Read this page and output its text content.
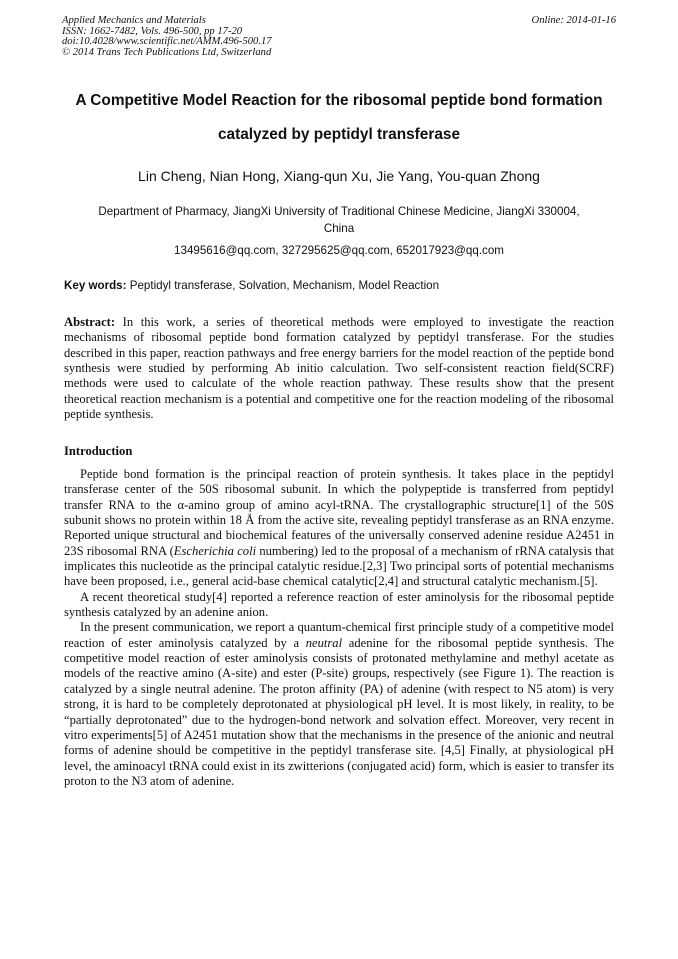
Applied Mechanics and Materials
ISSN: 1662-7482, Vols. 496-500, pp 17-20
doi:10.4028/www.scientific.net/AMM.496-500.17
© 2014 Trans Tech Publications Ltd, Switzerland
Online: 2014-01-16
A Competitive Model Reaction for the ribosomal peptide bond formation
catalyzed by peptidyl transferase
Lin Cheng, Nian Hong, Xiang-qun Xu, Jie Yang, You-quan Zhong
Department of Pharmacy, JiangXi University of Traditional Chinese Medicine, JiangXi 330004,
China
13495616@qq.com, 327295625@qq.com, 652017923@qq.com
Key words: Peptidyl transferase, Solvation, Mechanism, Model Reaction
Abstract: In this work, a series of theoretical methods were employed to investigate the reaction mechanisms of ribosomal peptide bond formation catalyzed by peptidyl transferase. For the studies described in this paper, reaction pathways and free energy barriers for the model reaction of the peptide bond synthesis were studied by performing Ab initio calculation. Two self-consistent reaction field(SCRF) methods were used to calculate of the whole reaction pathway. These results show that the present theoretical reaction mechanism is a potential and competitive one for the reaction modeling of the ribosomal peptide synthesis.
Introduction

Peptide bond formation is the principal reaction of protein synthesis. It takes place in the peptidyl transferase center of the 50S ribosomal subunit. In which the polypeptide is transferred from peptidyl transfer RNA to the α-amino group of amino acyl-tRNA. The crystallographic structure[1] of the 50S subunit shows no protein within 18 Å from the active site, revealing peptidyl transferase as an RNA enzyme. Reported unique structural and biochemical features of the universally conserved adenine residue A2451 in 23S ribosomal RNA (Escherichia coli numbering) led to the proposal of a mechanism of rRNA catalysis that implicates this nucleotide as the principal catalytic residue.[2,3] Two principal sorts of potential mechanisms have been proposed, i.e., general acid-base chemical catalytic[2,4] and structural catalytic mechanism.[5].

A recent theoretical study[4] reported a reference reaction of ester aminolysis for the ribosomal peptide synthesis catalyzed by an adenine anion.

In the present communication, we report a quantum-chemical first principle study of a competitive model reaction of ester aminolysis catalyzed by a neutral adenine for the ribosomal peptide synthesis. The competitive model reaction of ester aminolysis consists of protonated methylamine and methyl acetate as models of the reactive amino (A-site) and ester (P-site) groups, respectively (see Figure 1). The reaction is catalyzed by a single neutral adenine. The proton affinity (PA) of adenine (with respect to N5 atom) is very strong, it is hard to be completely deprotonated at physiological pH level. It is most likely, in reality, to be “partially deprotonated” due to the hydrogen-bond network and solvation effect. Moreover, very recent in vitro experiments[5] of A2451 mutation show that the mechanisms in the presence of the anionic and neutral forms of adenine should be competitive in the peptidyl transferase site. [4,5] Finally, at physiological pH level, the aminoacyl tRNA could exist in its zwitterions (conjugated acid) form, which is easier to transfer its proton to the N3 atom of adenine.
